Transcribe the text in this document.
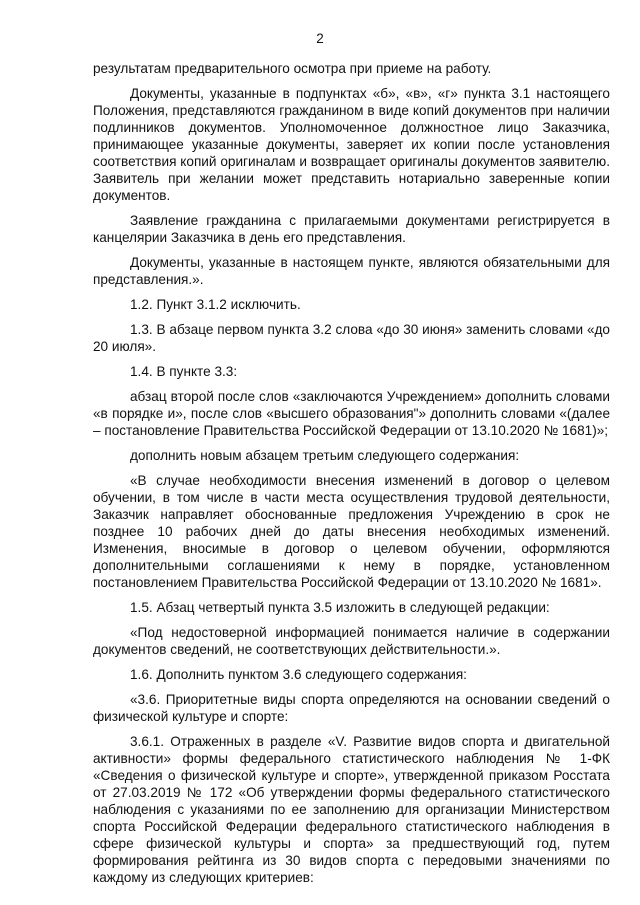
2

результатам предварительного осмотра при приеме на работу.

Документы, указанные в подпунктах «б», «в», «г» пункта 3.1 настоящего Положения, представляются гражданином в виде копий документов при наличии подлинников документов. Уполномоченное должностное лицо Заказчика, принимающее указанные документы, заверяет их копии после установления соответствия копий оригиналам и возвращает оригиналы документов заявителю. Заявитель при желании может представить нотариально заверенные копии документов.

Заявление гражданина с прилагаемыми документами регистрируется в канцелярии Заказчика в день его представления.

Документы, указанные в настоящем пункте, являются обязательными для представления.».

1.2. Пункт 3.1.2 исключить.

1.3. В абзаце первом пункта 3.2 слова «до 30 июня» заменить словами «до 20 июля».

1.4. В пункте 3.3:

абзац второй после слов «заключаются Учреждением» дополнить словами «в порядке и», после слов «высшего образования"» дополнить словами «(далее – постановление Правительства Российской Федерации от 13.10.2020 № 1681)»;

дополнить новым абзацем третьим следующего содержания:

«В случае необходимости внесения изменений в договор о целевом обучении, в том числе в части места осуществления трудовой деятельности, Заказчик направляет обоснованные предложения Учреждению в срок не позднее 10 рабочих дней до даты внесения необходимых изменений. Изменения, вносимые в договор о целевом обучении, оформляются дополнительными соглашениями к нему в порядке, установленном постановлением Правительства Российской Федерации от 13.10.2020 № 1681».

1.5. Абзац четвертый пункта 3.5 изложить в следующей редакции:

«Под недостоверной информацией понимается наличие в содержании документов сведений, не соответствующих действительности.».

1.6. Дополнить пунктом 3.6 следующего содержания:

«3.6. Приоритетные виды спорта определяются на основании сведений о физической культуре и спорте:

3.6.1. Отраженных в разделе «V. Развитие видов спорта и двигательной активности» формы федерального статистического наблюдения № 1-ФК «Сведения о физической культуре и спорте», утвержденной приказом Росстата от 27.03.2019 № 172 «Об утверждении формы федерального статистического наблюдения с указаниями по ее заполнению для организации Министерством спорта Российской Федерации федерального статистического наблюдения в сфере физической культуры и спорта» за предшествующий год, путем формирования рейтинга из 30 видов спорта с передовыми значениями по каждому из следующих критериев:
